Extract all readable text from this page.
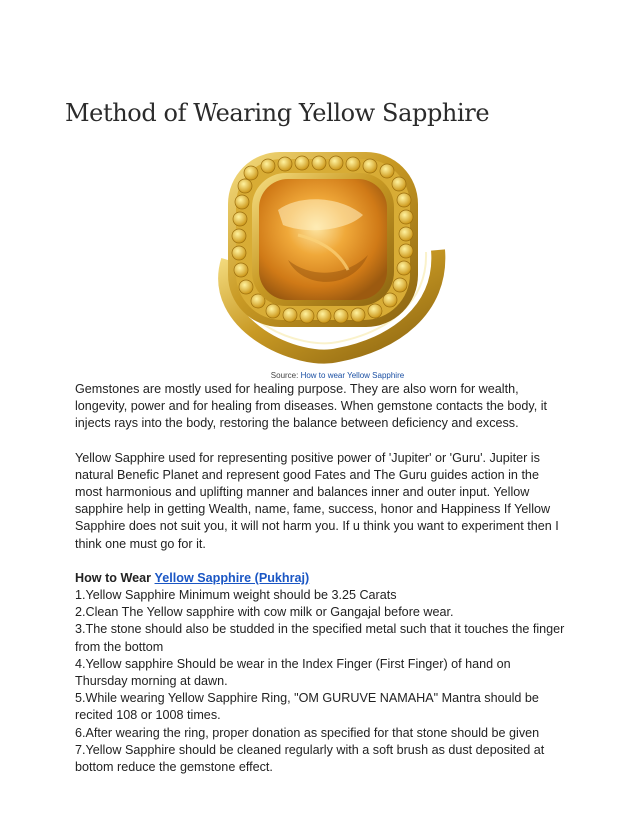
Method of Wearing Yellow Sapphire
Source: How to wear Yellow Sapphire

Gemstones are mostly used for healing purpose. They are also worn for wealth, longevity, power and for healing from diseases. When gemstone contacts the body, it injects rays into the body, restoring the balance between deficiency and excess.

Yellow Sapphire used for representing positive power of 'Jupiter' or 'Guru'. Jupiter is natural Benefic Planet and represent good Fates and The Guru guides action in the most harmonious and uplifting manner and balances inner and outer input. Yellow sapphire help in getting Wealth, name, fame, success, honor and Happiness If Yellow Sapphire does not suit you, it will not harm you. If u think you want to experiment then I think one must go for it.

How to Wear Yellow Sapphire (Pukhraj)
1.Yellow Sapphire Minimum weight should be 3.25 Carats
2.Clean The Yellow sapphire with cow milk or Gangajal before wear.
3.The stone should also be studded in the specified metal such that it touches the finger from the bottom
4.Yellow sapphire Should be wear in the Index Finger (First Finger) of hand on Thursday morning at dawn.
5.While wearing Yellow Sapphire Ring, "OM GURUVE NAMAHA" Mantra should be recited 108 or 1008 times.
6.After wearing the ring, proper donation as specified for that stone should be given
7.Yellow Sapphire should be cleaned regularly with a soft brush as dust deposited at bottom reduce the gemstone effect.
